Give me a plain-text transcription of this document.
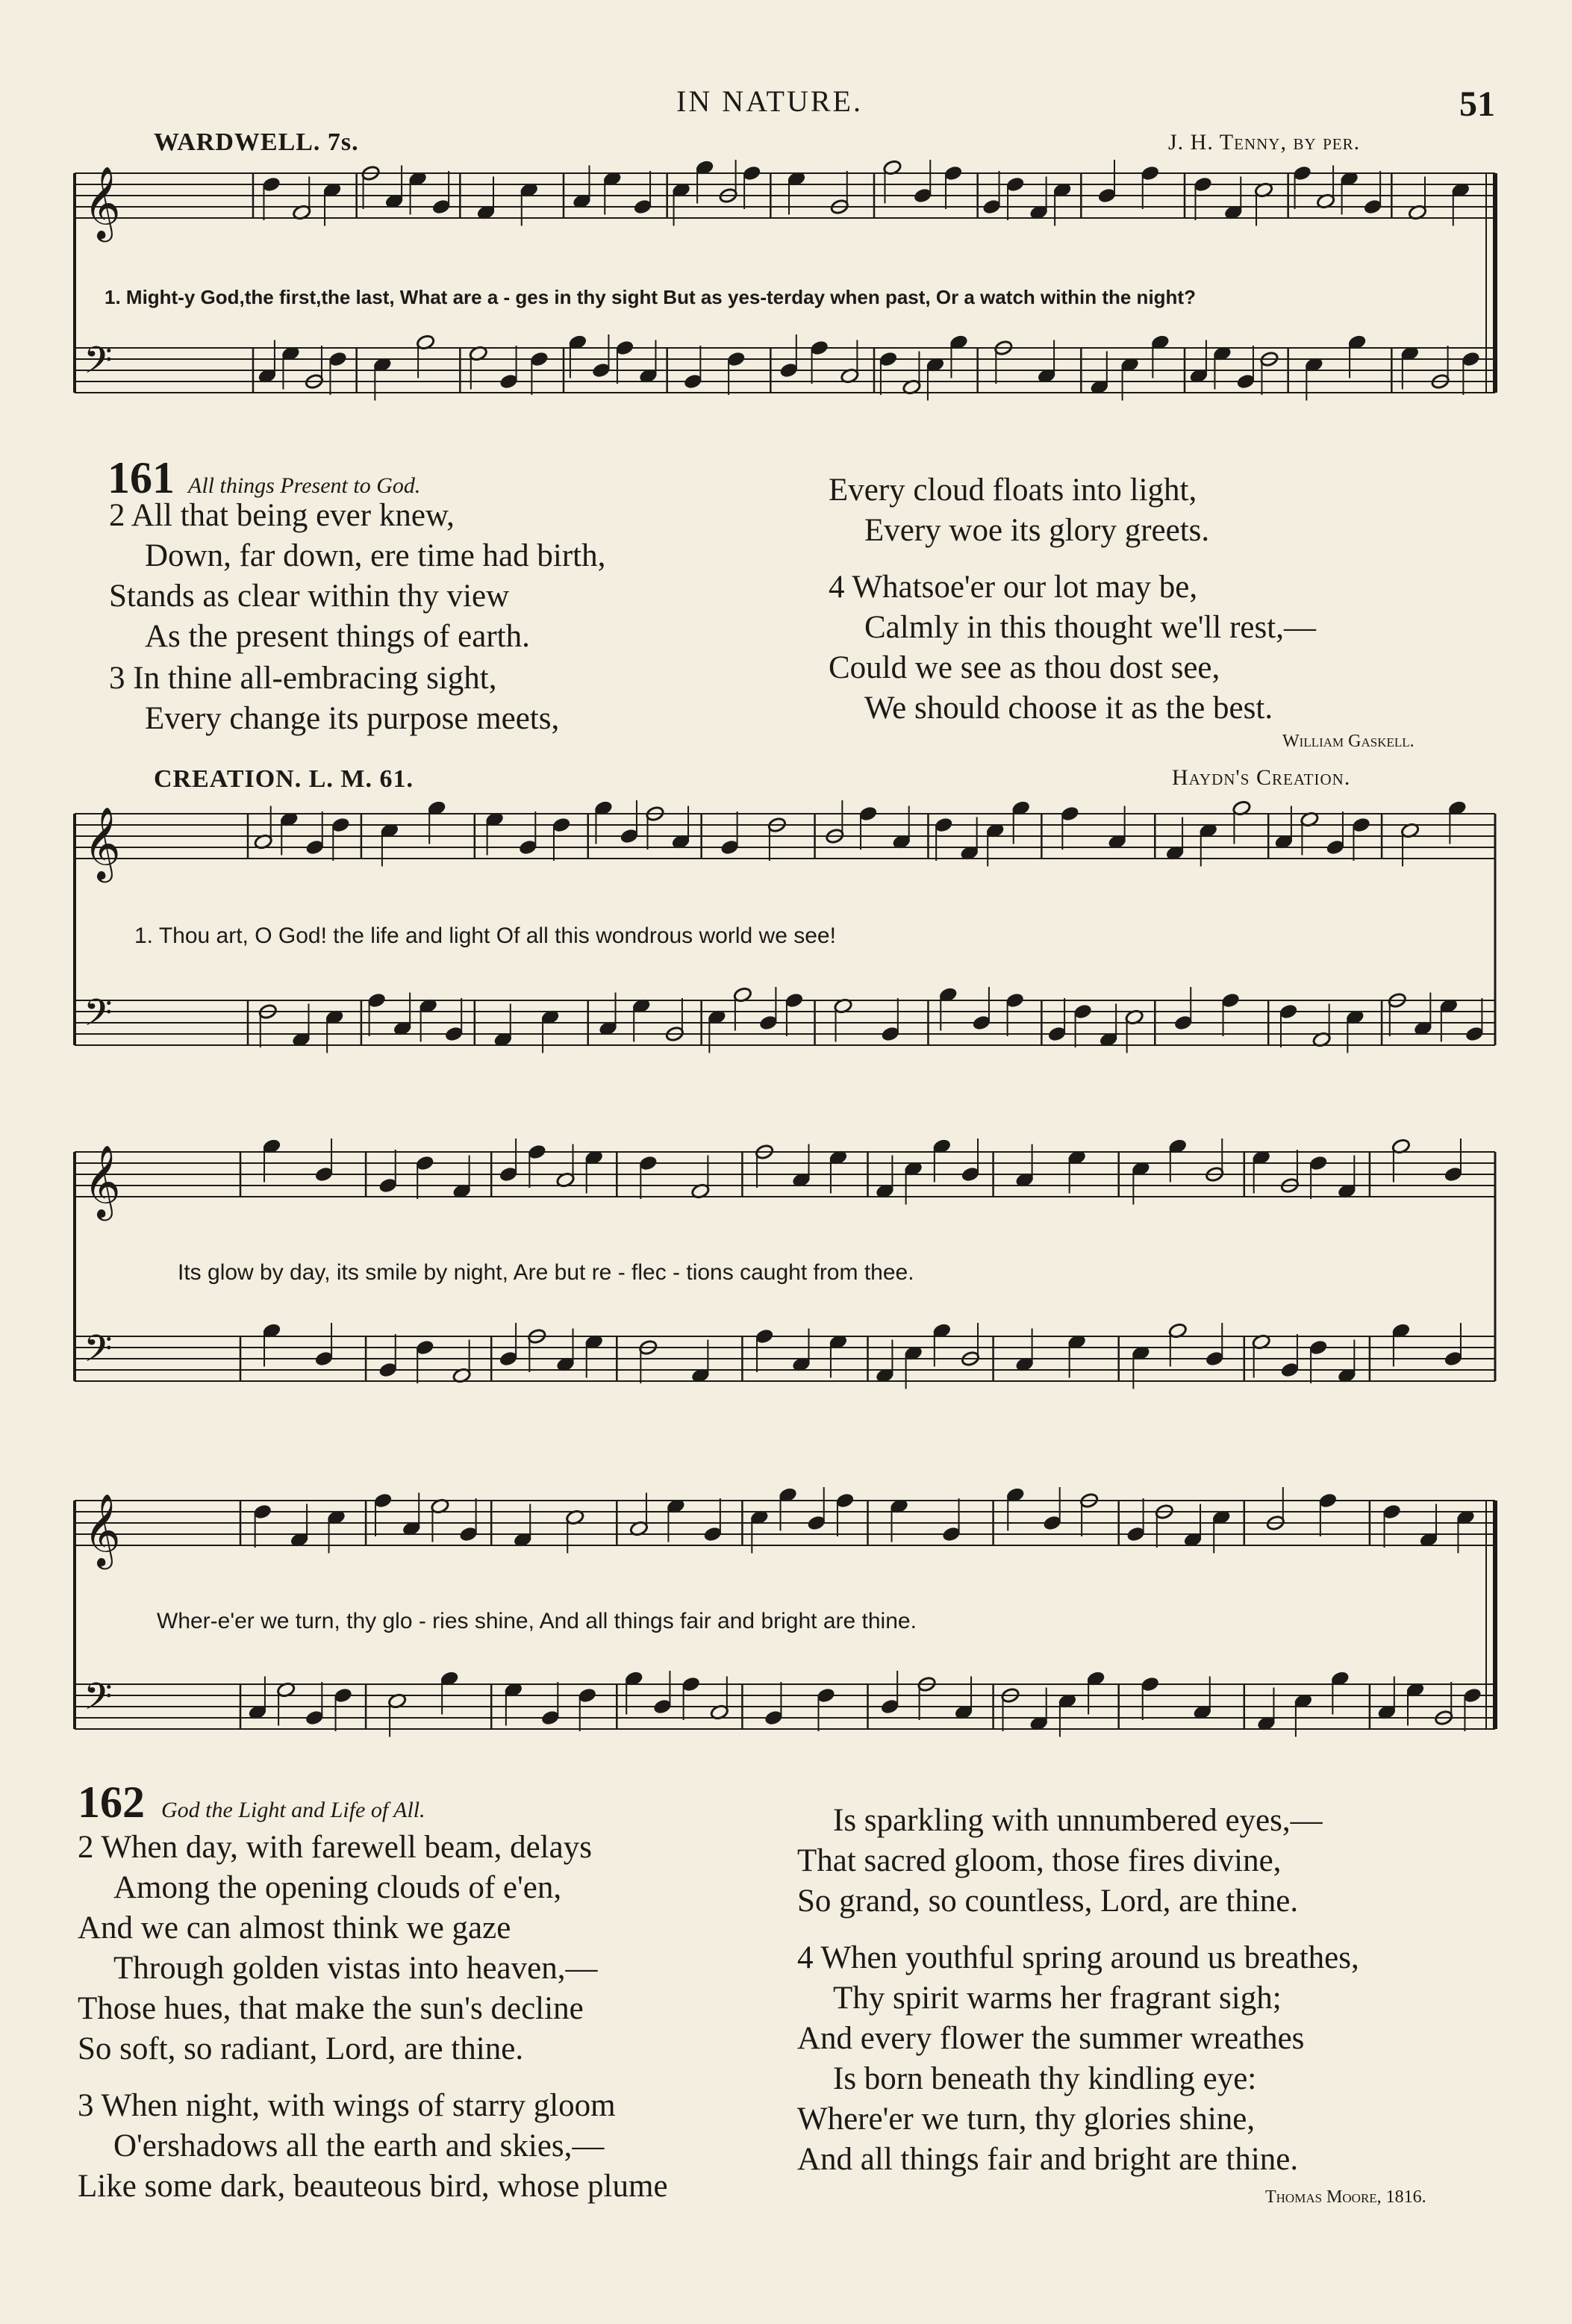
IN NATURE.	51
WARDWELL. 7s.	J. H. Tenny, by per.
𝄞
𝄢
1. Might-y God,the first,the last, What are a - ges in thy sight But as yes-terday when past, Or a watch within the night?
161 All things Present to God.
2 All that being ever knew,
Down, far down, ere time had birth,
Stands as clear within thy view
As the present things of earth.
3 In thine all-embracing sight,
Every change its purpose meets,
Every cloud floats into light,
Every woe its glory greets.
4 Whatsoe'er our lot may be,
Calmly in this thought we'll rest,—
Could we see as thou dost see,
We should choose it as the best.
William Gaskell.
CREATION. L. M. 61.	Haydn's Creation.
𝄞
𝄢
1. Thou art, O God! the life and light Of all this wondrous world we see!
𝄞
𝄢
Its glow by day, its smile by night, Are but re - flec - tions caught from thee.
𝄞
𝄢
Wher-e'er we turn, thy glo - ries shine, And all things fair and bright are thine.
162 God the Light and Life of All.
2 When day, with farewell beam, delays
Among the opening clouds of e'en,
And we can almost think we gaze
Through golden vistas into heaven,—
Those hues, that make the sun's decline
So soft, so radiant, Lord, are thine.
3 When night, with wings of starry gloom
O'ershadows all the earth and skies,—
Like some dark, beauteous bird, whose plume
Is sparkling with unnumbered eyes,—
That sacred gloom, those fires divine,
So grand, so countless, Lord, are thine.
4 When youthful spring around us breathes,
Thy spirit warms her fragrant sigh;
And every flower the summer wreathes
Is born beneath thy kindling eye:
Where'er we turn, thy glories shine,
And all things fair and bright are thine.
Thomas Moore, 1816.
